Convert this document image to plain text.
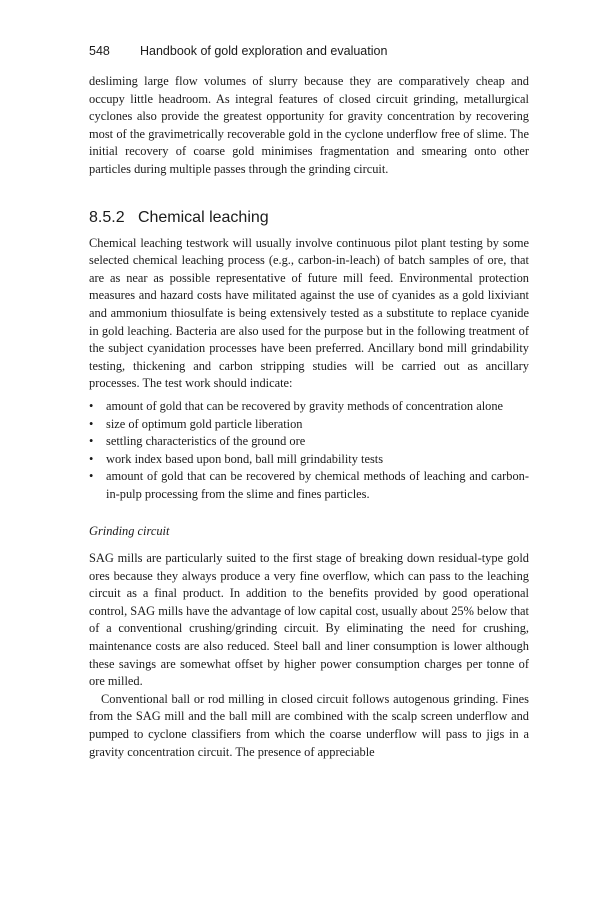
548 Handbook of gold exploration and evaluation

desliming large flow volumes of slurry because they are comparatively cheap and occupy little headroom. As integral features of closed circuit grinding, metallurgical cyclones also provide the greatest opportunity for gravity concentration by recovering most of the gravimetrically recoverable gold in the cyclone underflow free of slime. The initial recovery of coarse gold minimises fragmentation and smearing onto other particles during multiple passes through the grinding circuit.

8.5.2 Chemical leaching

Chemical leaching testwork will usually involve continuous pilot plant testing by some selected chemical leaching process (e.g., carbon-in-leach) of batch samples of ore, that are as near as possible representative of future mill feed. Environmental protection measures and hazard costs have militated against the use of cyanides as a gold lixiviant and ammonium thiosulfate is being extensively tested as a substitute to replace cyanide in gold leaching. Bacteria are also used for the purpose but in the following treatment of the subject cyanidation processes have been preferred. Ancillary bond mill grindability testing, thickening and carbon stripping studies will be carried out as ancillary processes. The test work should indicate:

• amount of gold that can be recovered by gravity methods of concentration alone
• size of optimum gold particle liberation
• settling characteristics of the ground ore
• work index based upon bond, ball mill grindability tests
• amount of gold that can be recovered by chemical methods of leaching and carbon-in-pulp processing from the slime and fines particles.
Grinding circuit

SAG mills are particularly suited to the first stage of breaking down residual-type gold ores because they always produce a very fine overflow, which can pass to the leaching circuit as a final product. In addition to the benefits provided by good operational control, SAG mills have the advantage of low capital cost, usually about 25% below that of a conventional crushing/grinding circuit. By eliminating the need for crushing, maintenance costs are also reduced. Steel ball and liner consumption is lower although these savings are somewhat offset by higher power consumption charges per tonne of ore milled.

Conventional ball or rod milling in closed circuit follows autogenous grinding. Fines from the SAG mill and the ball mill are combined with the scalp screen underflow and pumped to cyclone classifiers from which the coarse underflow will pass to jigs in a gravity concentration circuit. The presence of appreciable
